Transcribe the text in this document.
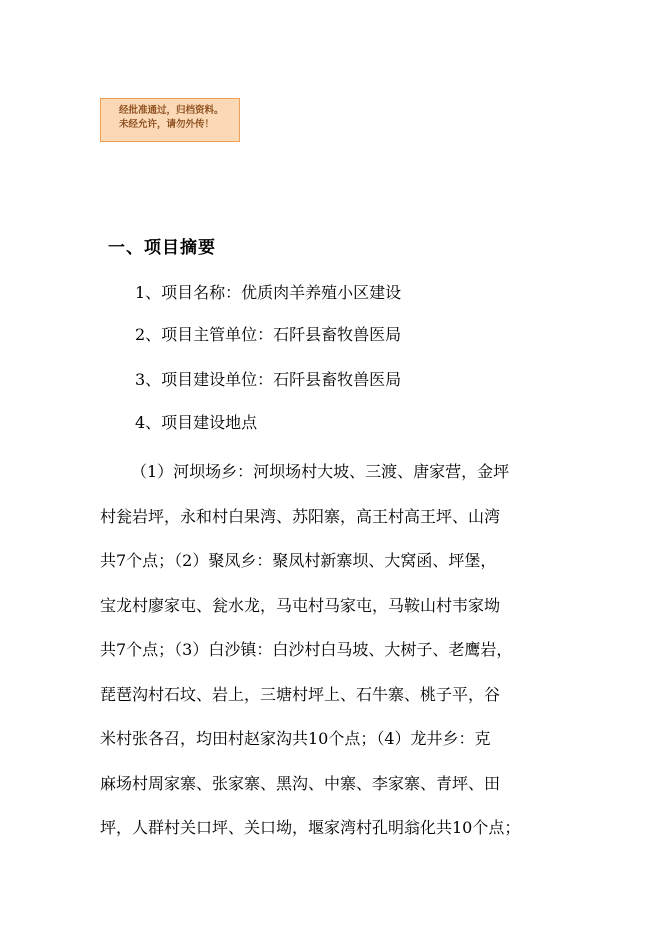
经批准通过，归档资料。
未经允许，请勿外传！
一、项目摘要
1、项目名称：优质肉羊养殖小区建设
2、项目主管单位：石阡县畜牧兽医局
3、项目建设单位：石阡县畜牧兽医局
4、项目建设地点
（1）河坝场乡：河坝场村大坡、三渡、唐家营，金坪
村瓮岩坪，永和村白果湾、苏阳寨，高王村高王坪、山湾
共7个点；（2）聚凤乡：聚凤村新寨坝、大窝函、坪堡，
宝龙村廖家屯、瓮水龙，马屯村马家屯，马鞍山村韦家坳
共7个点；（3）白沙镇：白沙村白马坡、大树子、老鹰岩，
琵琶沟村石坟、岩上，三塘村坪上、石牛寨、桃子平，谷
米村张各召，均田村赵家沟共10个点；（4）龙井乡：克
麻场村周家寨、张家寨、黑沟、中寨、李家寨、青坪、田
坪，人群村关口坪、关口坳，堰家湾村孔明翁化共10个点；
